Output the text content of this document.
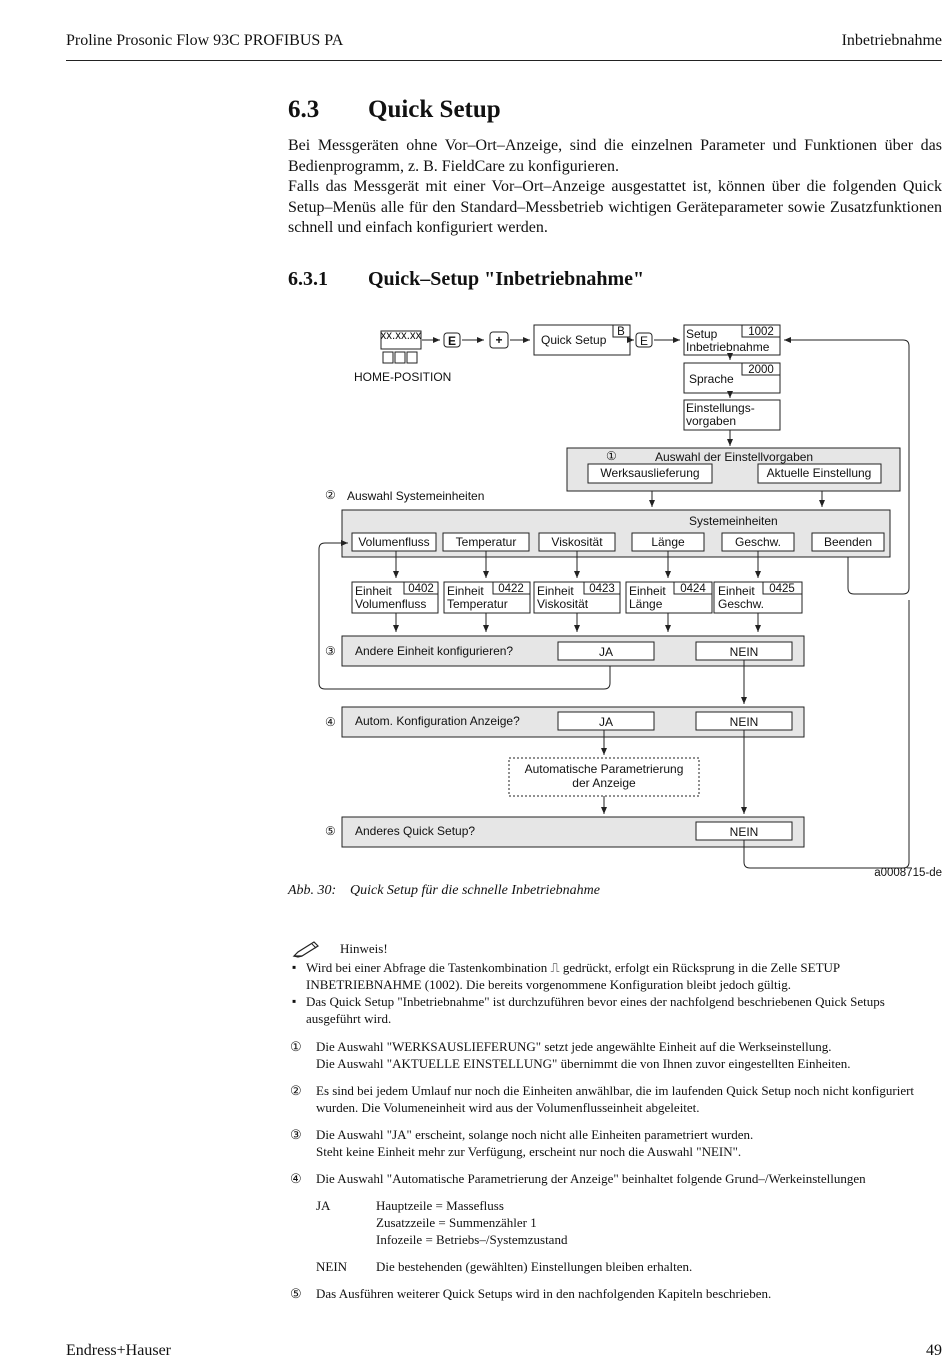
Proline Prosonic Flow 93C PROFIBUS PA	Inbetriebnahme
6.3 Quick Setup

Bei Messgeräten ohne Vor–Ort–Anzeige, sind die einzelnen Parameter und Funktionen über das Bedienprogramm, z. B. FieldCare zu konfigurieren.

Falls das Messgerät mit einer Vor–Ort–Anzeige ausgestattet ist, können über die folgenden Quick Setup–Menüs alle für den Standard–Messbetrieb wichtigen Geräteparameter sowie Zusatzfunktionen schnell und einfach konfiguriert werden.

6.3.1 Quick–Setup "Inbetriebnahme"
xx.xx.xx E	+	E
HOME-POSITION
Quick Setup
B	Setup
Inbetriebnahme
1002
Sprache
2000
Einstellungs-
vorgaben
①	Auswahl der Einstellvorgaben
Werksauslieferung	Aktuelle Einstellung
② Auswahl Systemeinheiten
Systemeinheiten
Volumenfluss Temperatur	Viskosität	Länge	Geschw.	Beenden
Einheit 0402
Volumenfluss
Einheit 0422
Temperatur
Einheit 0423
Viskosität
Einheit 0424
Länge
Einheit 0425
Geschw.
③ Andere Einheit konfigurieren?	JA	NEIN
④ Autom. Konfiguration Anzeige?	JA	NEIN
Automatische Parametrierung
der Anzeige
⑤ Anderes Quick Setup?	NEIN
a0008715-de
Abb. 30: Quick Setup für die schnelle Inbetriebnahme
Hinweis!
▪ Wird bei einer Abfrage die Tastenkombination ⎍ gedrückt, erfolgt ein Rücksprung in die Zelle SETUP INBETRIEBNAHME (1002). Die bereits vorgenommene Konfiguration bleibt jedoch gültig.
▪ Das Quick Setup "Inbetriebnahme" ist durchzuführen bevor eines der nachfolgend beschriebenen Quick Setups ausgeführt wird.
① Die Auswahl "WERKSAUSLIEFERUNG" setzt jede angewählte Einheit auf die Werkseinstellung.

Die Auswahl "AKTUELLE EINSTELLUNG" übernimmt die von Ihnen zuvor eingestellten Einheiten.

② Es sind bei jedem Umlauf nur noch die Einheiten anwählbar, die im laufenden Quick Setup noch nicht konfiguriert wurden. Die Volumeneinheit wird aus der Volumenflusseinheit abgeleitet.

③ Die Auswahl "JA" erscheint, solange noch nicht alle Einheiten parametriert wurden.

Steht keine Einheit mehr zur Verfügung, erscheint nur noch die Auswahl "NEIN".

④ Die Auswahl "Automatische Parametrierung der Anzeige" beinhaltet folgende Grund–/Werkeinstellungen

JA	Hauptzeile = Massefluss

Zusatzzeile = Summenzähler 1

Infozeile = Betriebs–/Systemzustand

NEIN	Die bestehenden (gewählten) Einstellungen bleiben erhalten.

⑤ Das Ausführen weiterer Quick Setups wird in den nachfolgenden Kapiteln beschrieben.

Endress+Hauser	49
